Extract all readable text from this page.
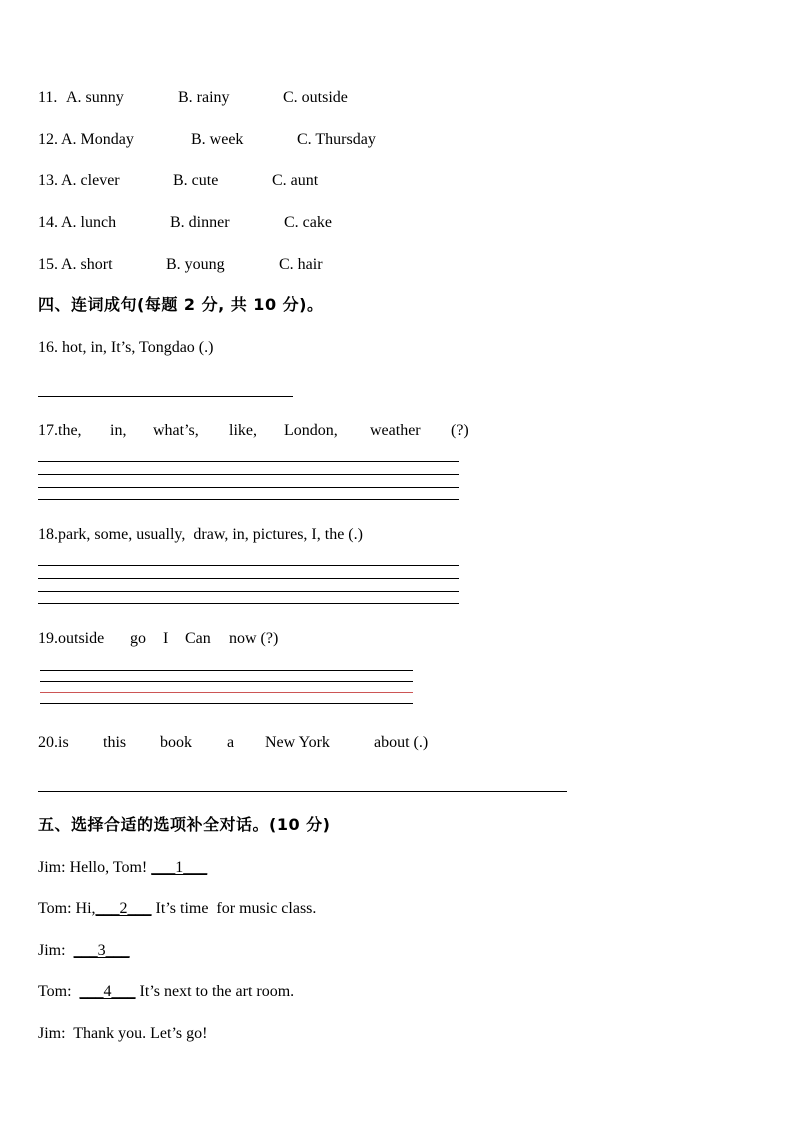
11. A. sunny	B. rainy	C. outside
12. A. Monday	B. week	C. Thursday
13. A. clever	B. cute	C. aunt
14. A. lunch	B. dinner	C. cake
15. A. short	B. young	C. hair
四、连词成句(每题 2 分, 共 10 分)。
16. hot, in, It’s, Tongdao (.)
17.the, in, what’s, like, London, weather (?)
18.park, some, usually,  draw, in, pictures, I, the (.)
19.outside go I Can now (?)
20.is this book a New York	about (.)
五、选择合适的选项补全对话。(10 分)
Jim: Hello, Tom! ___1___
Tom: Hi,___2___ It’s time  for music class.
Jim: ___3___
Tom: ___4___ It’s next to the art room.
Jim:  Thank you. Let’s go!
